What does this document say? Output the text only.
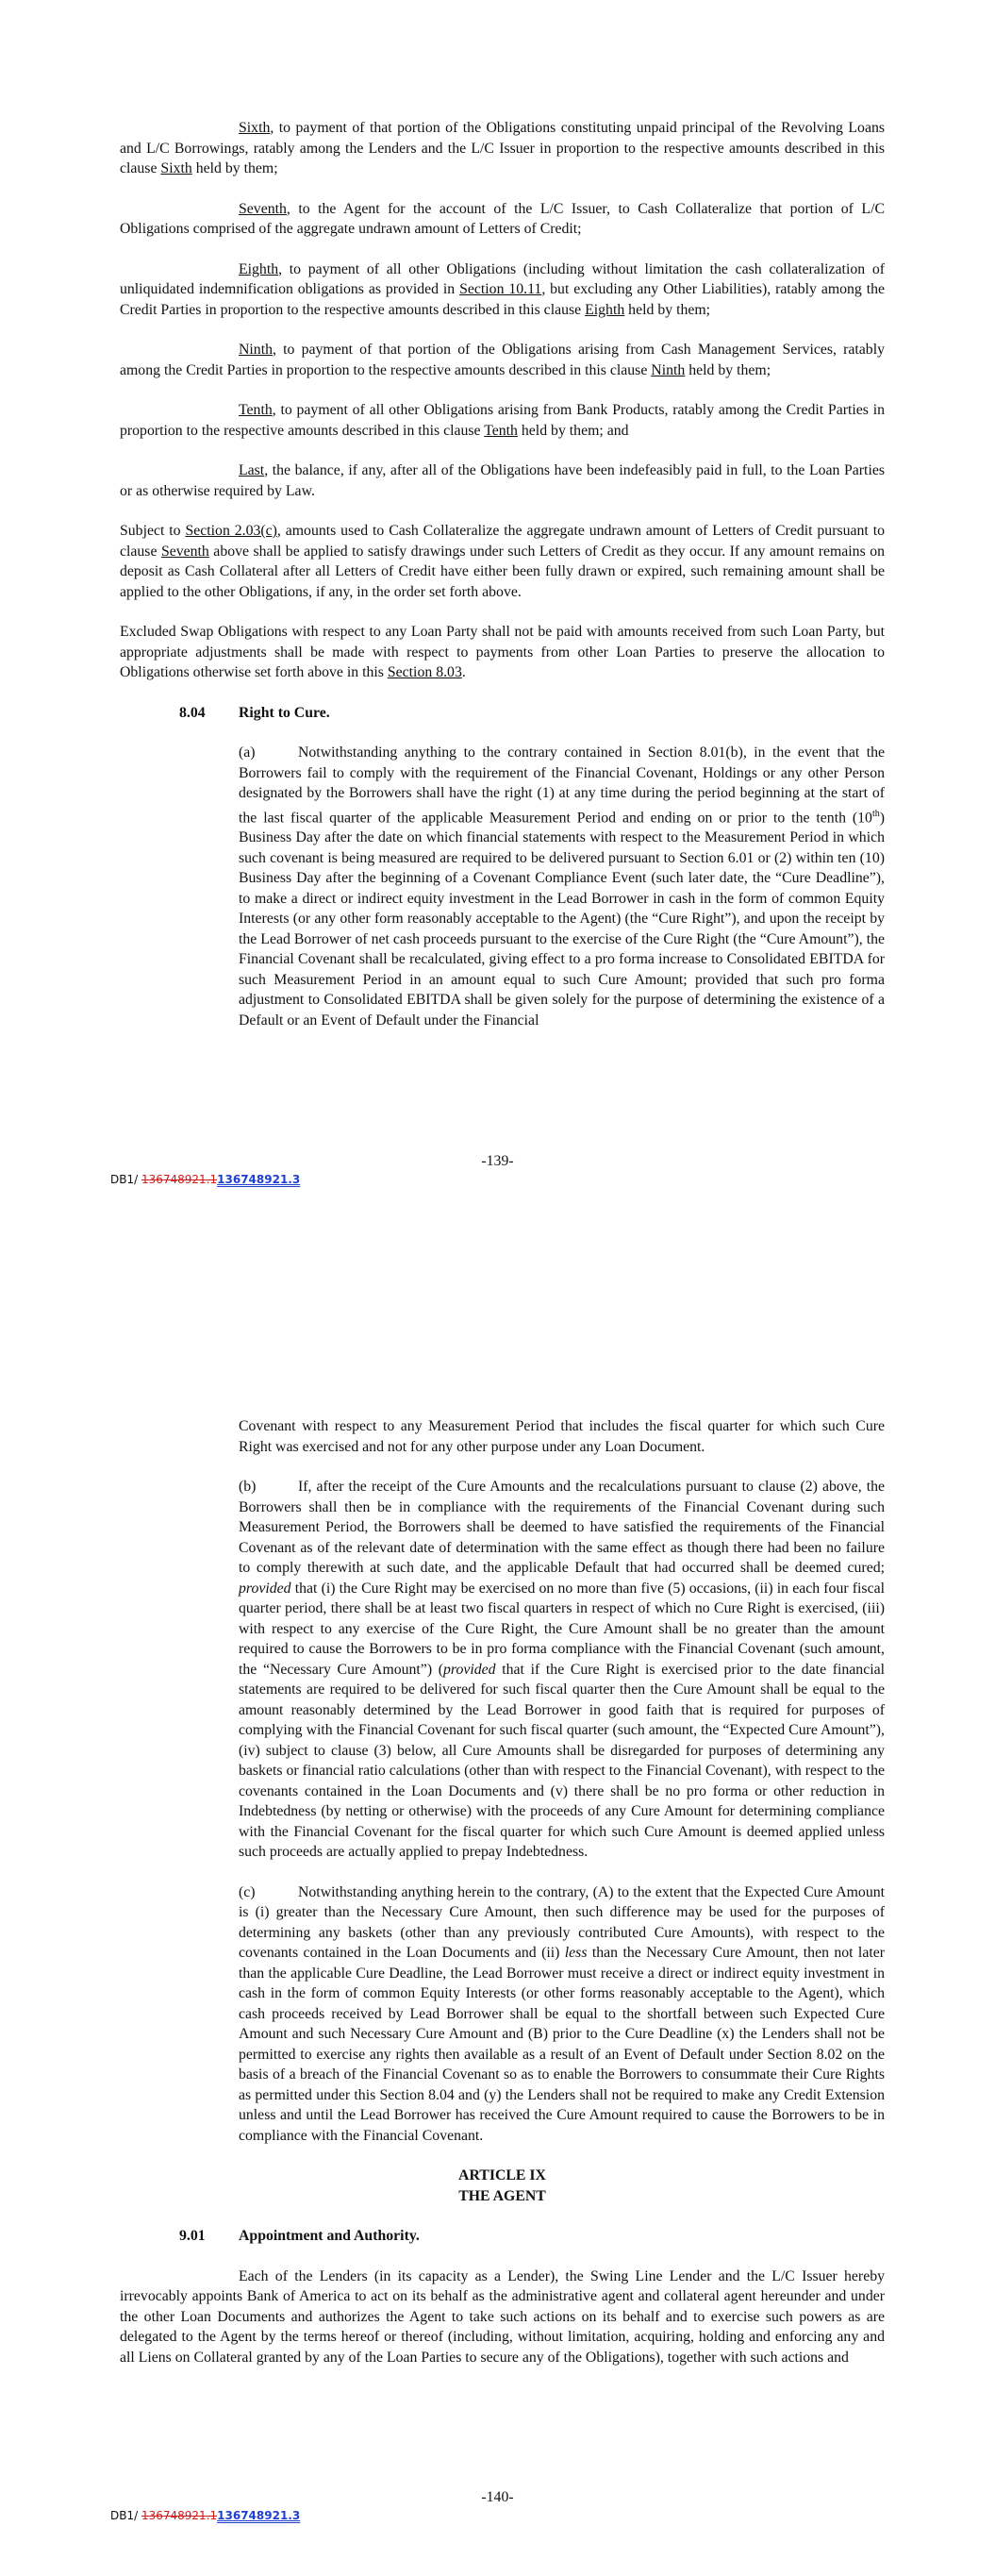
Sixth, to payment of that portion of the Obligations constituting unpaid principal of the Revolving Loans and L/C Borrowings, ratably among the Lenders and the L/C Issuer in proportion to the respective amounts described in this clause Sixth held by them;

Seventh, to the Agent for the account of the L/C Issuer, to Cash Collateralize that portion of L/C Obligations comprised of the aggregate undrawn amount of Letters of Credit;

Eighth, to payment of all other Obligations (including without limitation the cash collateralization of unliquidated indemnification obligations as provided in Section 10.11, but excluding any Other Liabilities), ratably among the Credit Parties in proportion to the respective amounts described in this clause Eighth held by them;

Ninth, to payment of that portion of the Obligations arising from Cash Management Services, ratably among the Credit Parties in proportion to the respective amounts described in this clause Ninth held by them;

Tenth, to payment of all other Obligations arising from Bank Products, ratably among the Credit Parties in proportion to the respective amounts described in this clause Tenth held by them; and

Last, the balance, if any, after all of the Obligations have been indefeasibly paid in full, to the Loan Parties or as otherwise required by Law.

Subject to Section 2.03(c), amounts used to Cash Collateralize the aggregate undrawn amount of Letters of Credit pursuant to clause Seventh above shall be applied to satisfy drawings under such Letters of Credit as they occur. If any amount remains on deposit as Cash Collateral after all Letters of Credit have either been fully drawn or expired, such remaining amount shall be applied to the other Obligations, if any, in the order set forth above.

Excluded Swap Obligations with respect to any Loan Party shall not be paid with amounts received from such Loan Party, but appropriate adjustments shall be made with respect to payments from other Loan Parties to preserve the allocation to Obligations otherwise set forth above in this Section 8.03.

8.04 Right to Cure.

(a)	Notwithstanding anything to the contrary contained in Section 8.01(b), in the event that the Borrowers fail to comply with the requirement of the Financial Covenant, Holdings or any other Person designated by the Borrowers shall have the right (1) at any time during the period beginning at the start of the last fiscal quarter of the applicable Measurement Period and ending on or prior to the tenth (10th) Business Day after the date on which financial statements with respect to the Measurement Period in which such covenant is being measured are required to be delivered pursuant to Section 6.01 or (2) within ten (10) Business Day after the beginning of a Covenant Compliance Event (such later date, the “Cure Deadline”), to make a direct or indirect equity investment in the Lead Borrower in cash in the form of common Equity Interests (or any other form reasonably acceptable to the Agent) (the “Cure Right”), and upon the receipt by the Lead Borrower of net cash proceeds pursuant to the exercise of the Cure Right (the “Cure Amount”), the Financial Covenant shall be recalculated, giving effect to a pro forma increase to Consolidated EBITDA for such Measurement Period in an amount equal to such Cure Amount; provided that such pro forma adjustment to Consolidated EBITDA shall be given solely for the purpose of determining the existence of a Default or an Event of Default under the Financial

-139-
DB1/ 136748921.1136748921.3

Covenant with respect to any Measurement Period that includes the fiscal quarter for which such Cure Right was exercised and not for any other purpose under any Loan Document.

(b)	If, after the receipt of the Cure Amounts and the recalculations pursuant to clause (2) above, the Borrowers shall then be in compliance with the requirements of the Financial Covenant during such Measurement Period, the Borrowers shall be deemed to have satisfied the requirements of the Financial Covenant as of the relevant date of determination with the same effect as though there had been no failure to comply therewith at such date, and the applicable Default that had occurred shall be deemed cured; provided that (i) the Cure Right may be exercised on no more than five (5) occasions, (ii) in each four fiscal quarter period, there shall be at least two fiscal quarters in respect of which no Cure Right is exercised, (iii) with respect to any exercise of the Cure Right, the Cure Amount shall be no greater than the amount required to cause the Borrowers to be in pro forma compliance with the Financial Covenant (such amount, the “Necessary Cure Amount”) (provided that if the Cure Right is exercised prior to the date financial statements are required to be delivered for such fiscal quarter then the Cure Amount shall be equal to the amount reasonably determined by the Lead Borrower in good faith that is required for purposes of complying with the Financial Covenant for such fiscal quarter (such amount, the “Expected Cure Amount”), (iv) subject to clause (3) below, all Cure Amounts shall be disregarded for purposes of determining any baskets or financial ratio calculations (other than with respect to the Financial Covenant), with respect to the covenants contained in the Loan Documents and (v) there shall be no pro forma or other reduction in Indebtedness (by netting or otherwise) with the proceeds of any Cure Amount for determining compliance with the Financial Covenant for the fiscal quarter for which such Cure Amount is deemed applied unless such proceeds are actually applied to prepay Indebtedness.

(c)	Notwithstanding anything herein to the contrary, (A) to the extent that the Expected Cure Amount is (i) greater than the Necessary Cure Amount, then such difference may be used for the purposes of determining any baskets (other than any previously contributed Cure Amounts), with respect to the covenants contained in the Loan Documents and (ii) less than the Necessary Cure Amount, then not later than the applicable Cure Deadline, the Lead Borrower must receive a direct or indirect equity investment in cash in the form of common Equity Interests (or other forms reasonably acceptable to the Agent), which cash proceeds received by Lead Borrower shall be equal to the shortfall between such Expected Cure Amount and such Necessary Cure Amount and (B) prior to the Cure Deadline (x) the Lenders shall not be permitted to exercise any rights then available as a result of an Event of Default under Section 8.02 on the basis of a breach of the Financial Covenant so as to enable the Borrowers to consummate their Cure Rights as permitted under this Section 8.04 and (y) the Lenders shall not be required to make any Credit Extension unless and until the Lead Borrower has received the Cure Amount required to cause the Borrowers to be in compliance with the Financial Covenant.

ARTICLE IX
THE AGENT

9.01 Appointment and Authority.

Each of the Lenders (in its capacity as a Lender), the Swing Line Lender and the L/C Issuer hereby irrevocably appoints Bank of America to act on its behalf as the administrative agent and collateral agent hereunder and under the other Loan Documents and authorizes the Agent to take such actions on its behalf and to exercise such powers as are delegated to the Agent by the terms hereof or thereof (including, without limitation, acquiring, holding and enforcing any and all Liens on Collateral granted by any of the Loan Parties to secure any of the Obligations), together with such actions and

-140-
DB1/ 136748921.1136748921.3
